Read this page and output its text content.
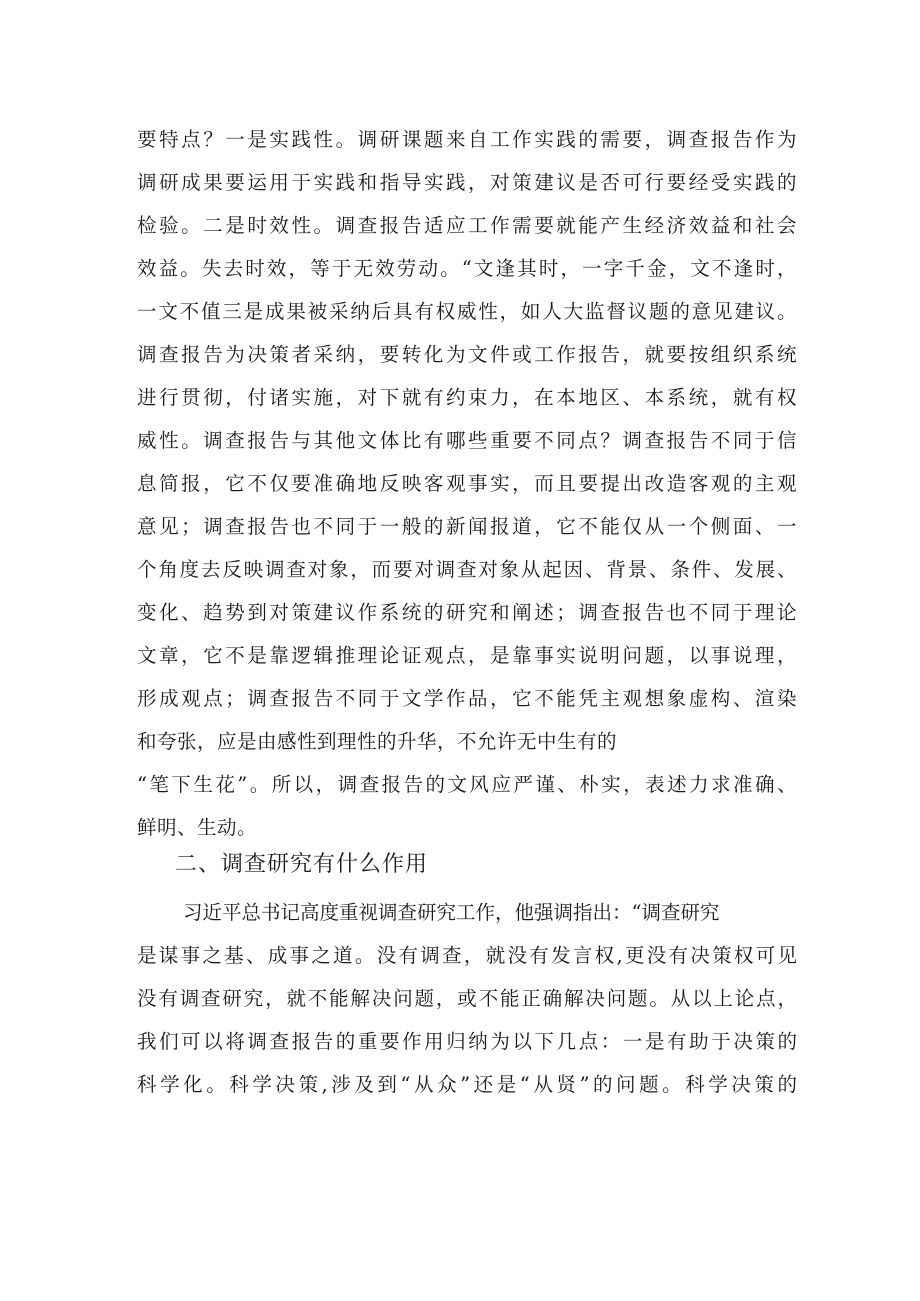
要特点？一是实践性。调研课题来自工作实践的需要，调查报告作为
调研成果要运用于实践和指导实践，对策建议是否可行要经受实践的
检验。二是时效性。调查报告适应工作需要就能产生经济效益和社会
效益。失去时效，等于无效劳动。“文逢其时，一字千金，文不逢时，
一文不值三是成果被采纳后具有权威性，如人大监督议题的意见建议。
调查报告为决策者采纳，要转化为文件或工作报告，就要按组织系统
进行贯彻，付诸实施，对下就有约束力，在本地区、本系统，就有权
威性。调查报告与其他文体比有哪些重要不同点？调查报告不同于信
息简报，它不仅要准确地反映客观事实，而且要提出改造客观的主观
意见；调查报告也不同于一般的新闻报道，它不能仅从一个侧面、一
个角度去反映调查对象，而要对调查对象从起因、背景、条件、发展、
变化、趋势到对策建议作系统的研究和阐述；调查报告也不同于理论
文章，它不是靠逻辑推理论证观点，是靠事实说明问题，以事说理，
形成观点；调查报告不同于文学作品，它不能凭主观想象虚构、渲染
和夸张，应是由感性到理性的升华，不允许无中生有的
“笔下生花”。所以，调查报告的文风应严谨、朴实，表述力求准确、
鲜明、生动。
二、调查研究有什么作用
习近平总书记高度重视调查研究工作，他强调指出：“调查研究
是谋事之基、成事之道。没有调查，就没有发言权,更没有决策权可见
没有调查研究，就不能解决问题，或不能正确解决问题。从以上论点，
我们可以将调查报告的重要作用归纳为以下几点：一是有助于决策的
科学化。科学决策,涉及到“从众”还是“从贤”的问题。科学决策的
